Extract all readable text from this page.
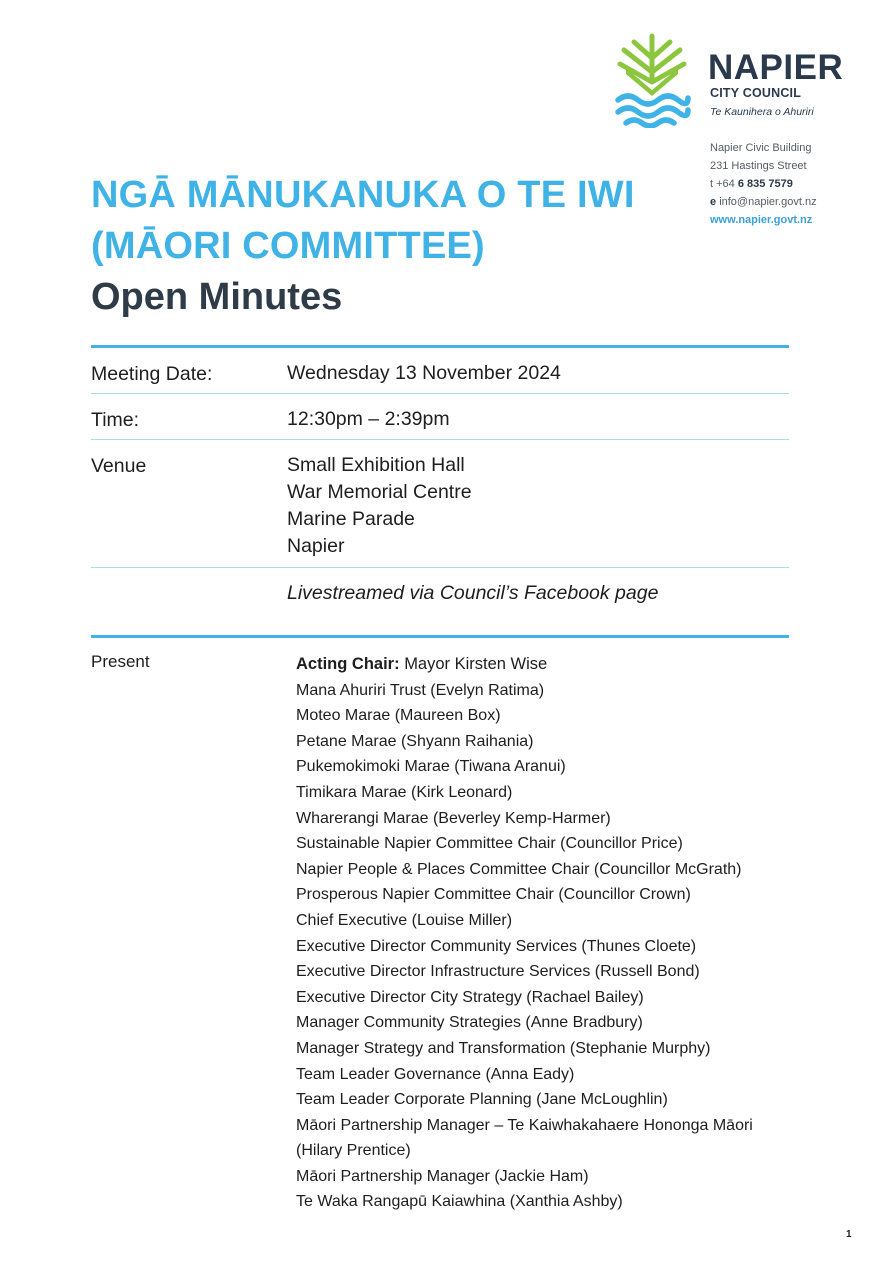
NAPIER
CITY COUNCIL
Te Kaunihera o Ahuriri
Napier Civic Building
231 Hastings Street
t +64 6 835 7579
e info@napier.govt.nz
www.napier.govt.nz
NGĀ MĀNUKANUKA O TE IWI
(MĀORI COMMITTEE)
Open Minutes
Meeting Date:	Wednesday 13 November 2024
Time:	12:30pm – 2:39pm
Venue	Small Exhibition Hall
War Memorial Centre
Marine Parade
Napier
Livestreamed via Council’s Facebook page
Present	Acting Chair: Mayor Kirsten Wise
Mana Ahuriri Trust (Evelyn Ratima)
Moteo Marae (Maureen Box)
Petane Marae (Shyann Raihania)
Pukemokimoki Marae (Tiwana Aranui)
Timikara Marae (Kirk Leonard)
Wharerangi Marae (Beverley Kemp-Harmer)
Sustainable Napier Committee Chair (Councillor Price)
Napier People & Places Committee Chair (Councillor McGrath)
Prosperous Napier Committee Chair (Councillor Crown)
Chief Executive (Louise Miller)
Executive Director Community Services (Thunes Cloete)
Executive Director Infrastructure Services (Russell Bond)
Executive Director City Strategy (Rachael Bailey)
Manager Community Strategies (Anne Bradbury)
Manager Strategy and Transformation (Stephanie Murphy)
Team Leader Governance (Anna Eady)
Team Leader Corporate Planning (Jane McLoughlin)
Māori Partnership Manager – Te Kaiwhakahaere Hononga Māori
(Hilary Prentice)
Māori Partnership Manager (Jackie Ham)
Te Waka Rangapū Kaiawhina (Xanthia Ashby)
1
